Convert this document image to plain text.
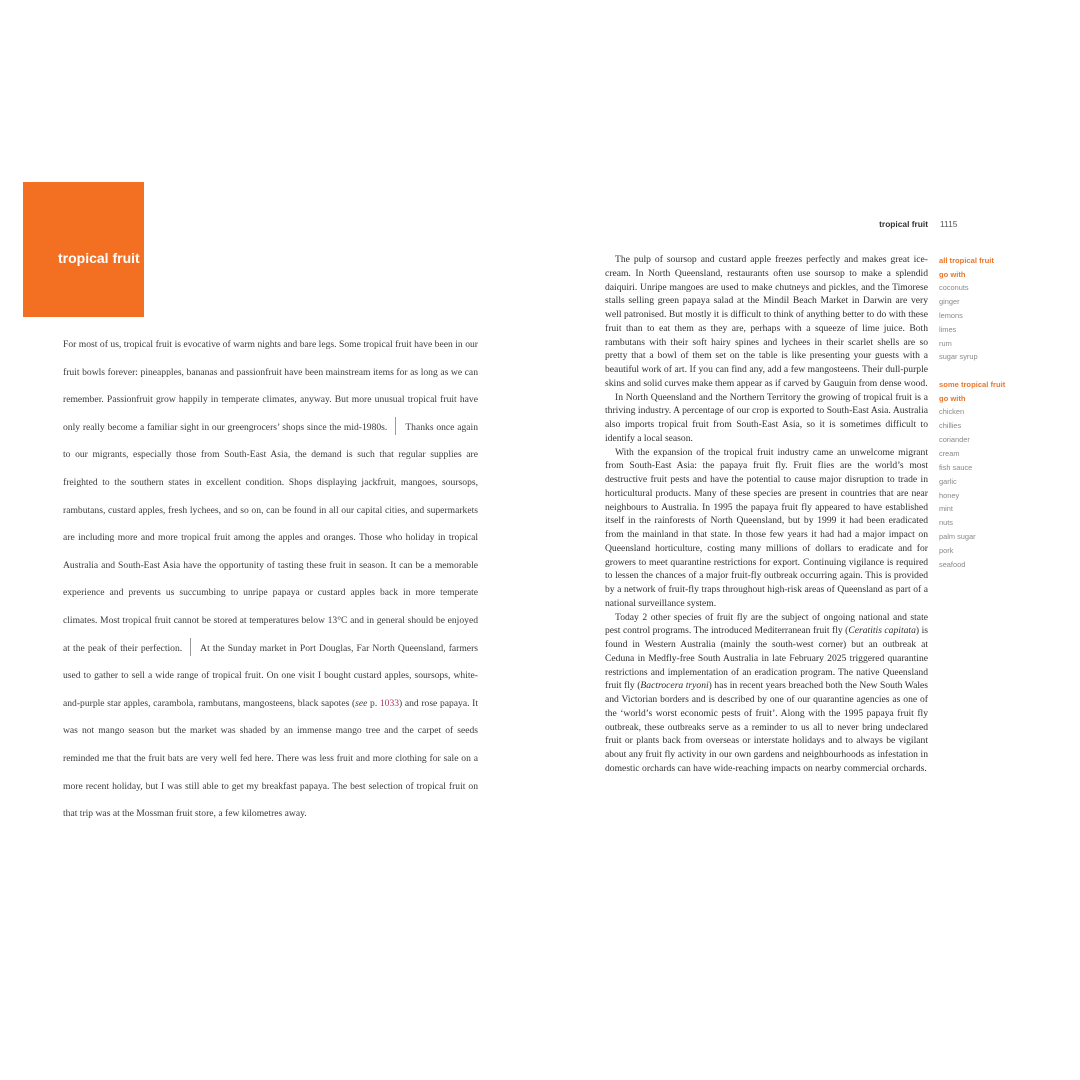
tropical fruit
For most of us, tropical fruit is evocative of warm nights and bare legs. Some tropical fruit have been in our fruit bowls forever: pineapples, bananas and passionfruit have been mainstream items for as long as we can remember. Passionfruit grow happily in temperate climates, anyway. But more unusual tropical fruit have only really become a familiar sight in our greengrocers’ shops since the mid-1980s. Thanks once again to our migrants, especially those from South-East Asia, the demand is such that regular supplies are freighted to the southern states in excellent condition. Shops displaying jackfruit, mangoes, soursops, rambutans, custard apples, fresh lychees, and so on, can be found in all our capital cities, and supermarkets are including more and more tropical fruit among the apples and oranges. Those who holiday in tropical Australia and South-East Asia have the opportunity of tasting these fruit in season. It can be a memorable experience and prevents us succumbing to unripe papaya or custard apples back in more temperate climates. Most tropical fruit cannot be stored at temperatures below 13°C and in general should be enjoyed at the peak of their perfection. At the Sunday market in Port Douglas, Far North Queensland, farmers used to gather to sell a wide range of tropical fruit. On one visit I bought custard apples, soursops, white-and-purple star apples, carambola, rambutans, mangosteens, black sapotes (see p. 1033) and rose papaya. It was not mango season but the market was shaded by an immense mango tree and the carpet of seeds reminded me that the fruit bats are very well fed here. There was less fruit and more clothing for sale on a more recent holiday, but I was still able to get my breakfast papaya. The best selection of tropical fruit on that trip was at the Mossman fruit store, a few kilometres away.
tropical fruit 1115

The pulp of soursop and custard apple freezes perfectly and makes great ice-cream. In North Queensland, restaurants often use soursop to make a splendid daiquiri. Unripe mangoes are used to make chutneys and pickles, and the Timorese stalls selling green papaya salad at the Mindil Beach Market in Darwin are very well patronised. But mostly it is difficult to think of anything better to do with these fruit than to eat them as they are, perhaps with a squeeze of lime juice. Both rambutans with their soft hairy spines and lychees in their scarlet shells are so pretty that a bowl of them set on the table is like presenting your guests with a beautiful work of art. If you can find any, add a few mangosteens. Their dull-purple skins and solid curves make them appear as if carved by Gauguin from dense wood.

In North Queensland and the Northern Territory the growing of tropical fruit is a thriving industry. A percentage of our crop is exported to South-East Asia. Australia also imports tropical fruit from South-East Asia, so it is sometimes difficult to identify a local season.

With the expansion of the tropical fruit industry came an unwelcome migrant from South-East Asia: the papaya fruit fly. Fruit flies are the world’s most destructive fruit pests and have the potential to cause major disruption to trade in horticultural products. Many of these species are present in countries that are near neighbours to Australia. In 1995 the papaya fruit fly appeared to have established itself in the rainforests of North Queensland, but by 1999 it had been eradicated from the mainland in that state. In those few years it had had a major impact on Queensland horticulture, costing many millions of dollars to eradicate and for growers to meet quarantine restrictions for export. Continuing vigilance is required to lessen the chances of a major fruit-fly outbreak occurring again. This is provided by a network of fruit-fly traps throughout high-risk areas of Queensland as part of a national surveillance system.

Today 2 other species of fruit fly are the subject of ongoing national and state pest control programs. The introduced Mediterranean fruit fly (Ceratitis capitata) is found in Western Australia (mainly the south-west corner) but an outbreak at Ceduna in Medfly-free South Australia in late February 2025 triggered quarantine restrictions and implementation of an eradication program. The native Queensland fruit fly (Bactrocera tryoni) has in recent years breached both the New South Wales and Victorian borders and is described by one of our quarantine agencies as one of the ‘world’s worst economic pests of fruit’. Along with the 1995 papaya fruit fly outbreak, these outbreaks serve as a reminder to us all to never bring undeclared fruit or plants back from overseas or interstate holidays and to always be vigilant about any fruit fly activity in our own gardens and neighbourhoods as infestation in domestic orchards can have wide-reaching impacts on nearby commercial orchards.

all tropical fruit

go with

coconuts

ginger

lemons

limes

rum

sugar syrup

some tropical fruit

go with

chicken

chillies

coriander

cream

fish sauce

garlic

honey

mint

nuts

palm sugar

pork

seafood
